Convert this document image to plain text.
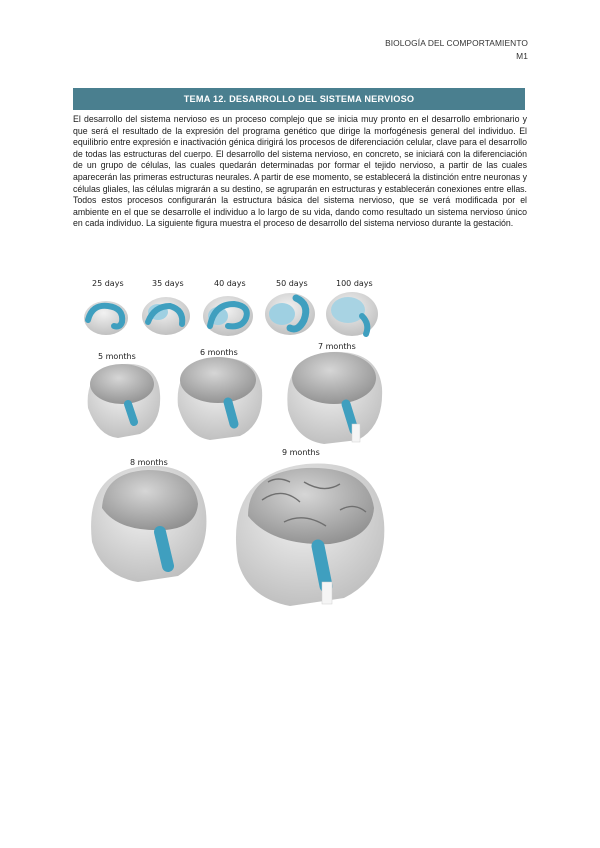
BIOLOGÍA DEL COMPORTAMIENTO
M1
TEMA 12. DESARROLLO DEL SISTEMA NERVIOSO
El desarrollo del sistema nervioso es un proceso complejo que se inicia muy pronto en el desarrollo embrionario y que será el resultado de la expresión del programa genético que dirige la morfogénesis general del individuo. El equilibrio entre expresión e inactivación génica dirigirá los procesos de diferenciación celular, clave para el desarrollo de todas las estructuras del cuerpo. El desarrollo del sistema nervioso, en concreto, se iniciará con la diferenciación de un grupo de células, las cuales quedarán determinadas por formar el tejido nervioso, a partir de las cuales aparecerán las primeras estructuras neurales. A partir de ese momento, se establecerá la distinción entre neuronas y células gliales, las células migrarán a su destino, se agruparán en estructuras y establecerán conexiones entre ellas. Todos estos procesos configurarán la estructura básica del sistema nervioso, que se verá modificada por el ambiente en el que se desarrolle el individuo a lo largo de su vida, dando como resultado un sistema nervioso único en cada individuo. La siguiente figura muestra el proceso de desarrollo del sistema nervioso durante la gestación.
25 days	35 days	40 days	50 days	100 days
5 months	6 months
7 months
8 months
9 months
